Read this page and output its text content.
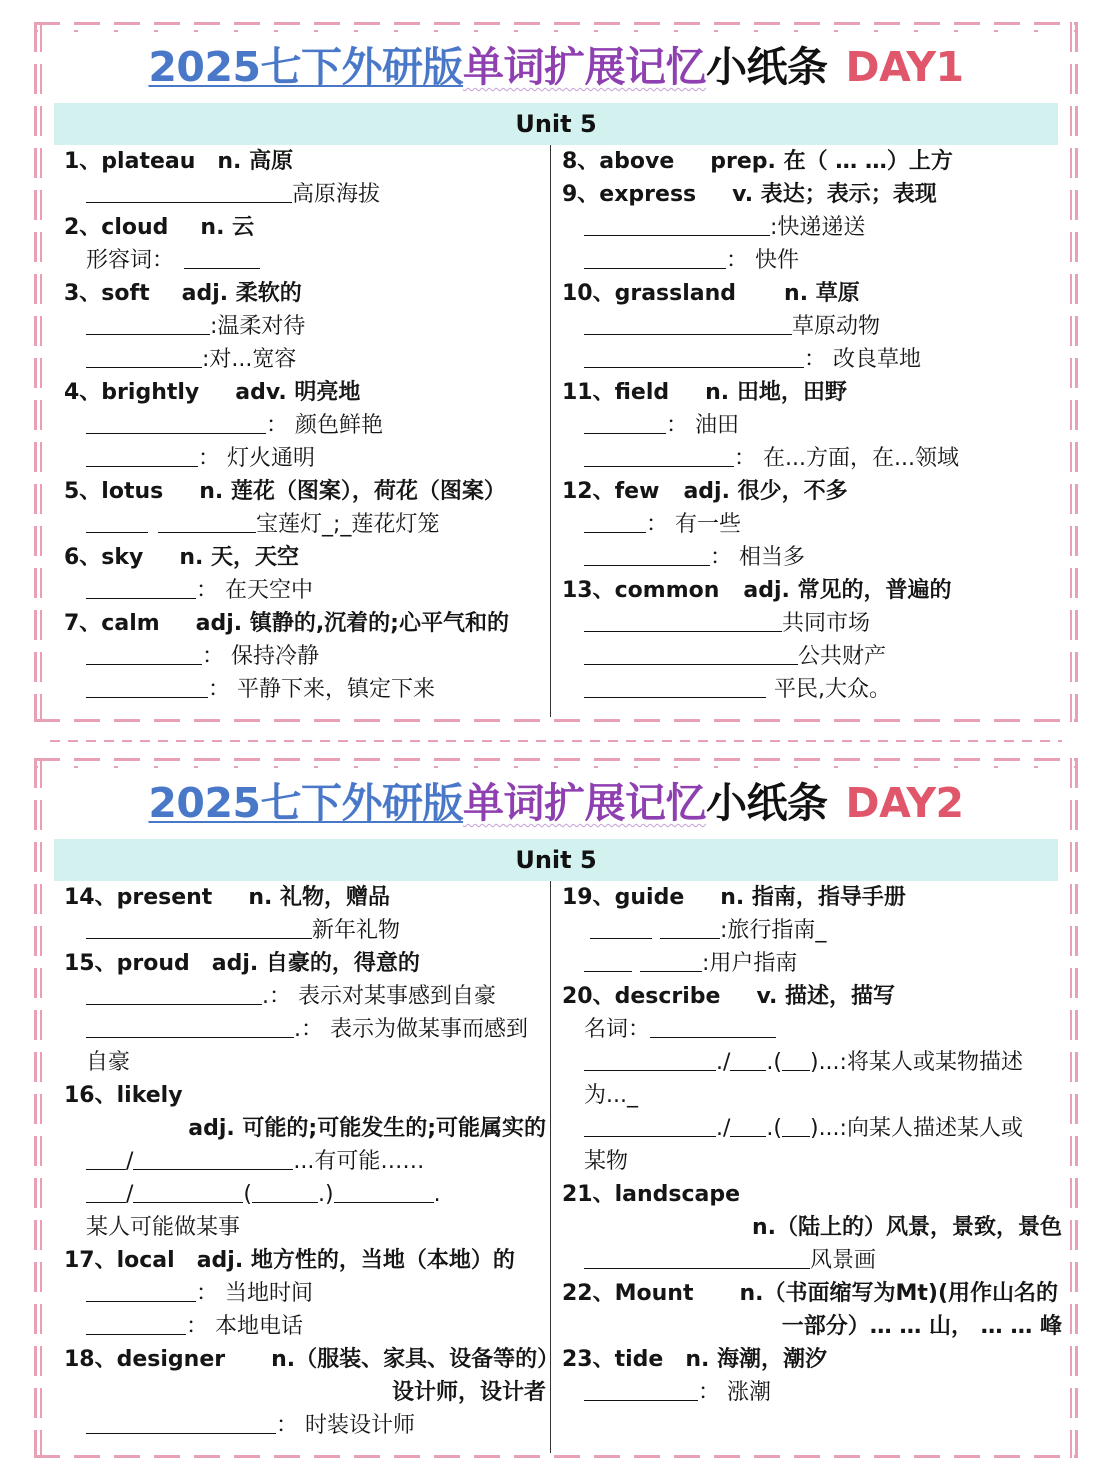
2025七下外研版单词扩展记忆小纸条 DAY1
Unit 5
1、plateau n. 高原
高原海拔
2、cloud n. 云
形容词：
3、soft adj. 柔软的
:温柔对待
:对...宽容
4、brightly adv. 明亮地
： 颜色鲜艳
： 灯火通明
5、lotus n. 莲花（图案），荷花（图案）
宝莲灯_;_莲花灯笼
6、sky n. 天，天空
： 在天空中
7、calm adj. 镇静的,沉着的;心平气和的
： 保持冷静
： 平静下来，镇定下来
8、above prep. 在（ … …）上方
9、express v. 表达；表示；表现
:快递递送
： 快件
10、grassland n. 草原
草原动物
： 改良草地
11、field n. 田地，田野
： 油田
： 在...方面，在...领域
12、few adj. 很少，不多
： 有一些
： 相当多
13、common adj. 常见的，普遍的
共同市场
公共财产
平民,大众。
2025七下外研版单词扩展记忆小纸条 DAY2
Unit 5
14、present n. 礼物，赠品
新年礼物
15、proud adj. 自豪的，得意的
.： 表示对某事感到自豪
.： 表示为做某事而感到
自豪
16、likely
adj. 可能的;可能发生的;可能属实的
/	...有可能……
/	(	.)	.
某人可能做某事
17、local adj. 地方性的，当地（本地）的
： 当地时间
： 本地电话
18、designer n.（服装、家具、设备等的）
设计师，设计者
： 时装设计师
19、guide n. 指南，指导手册
:旅行指南_
:用户指南
20、describe v. 描述，描写
名词：
./ .( )...:将某人或某物描述
为..._
./ .( )...:向某人描述某人或
某物
21、landscape
n.（陆上的）风景，景致，景色
风景画
22、Mount n.（书面缩写为Mt)(用作山名的
一部分）… … 山， … … 峰
23、tide n. 海潮，潮汐
： 涨潮
